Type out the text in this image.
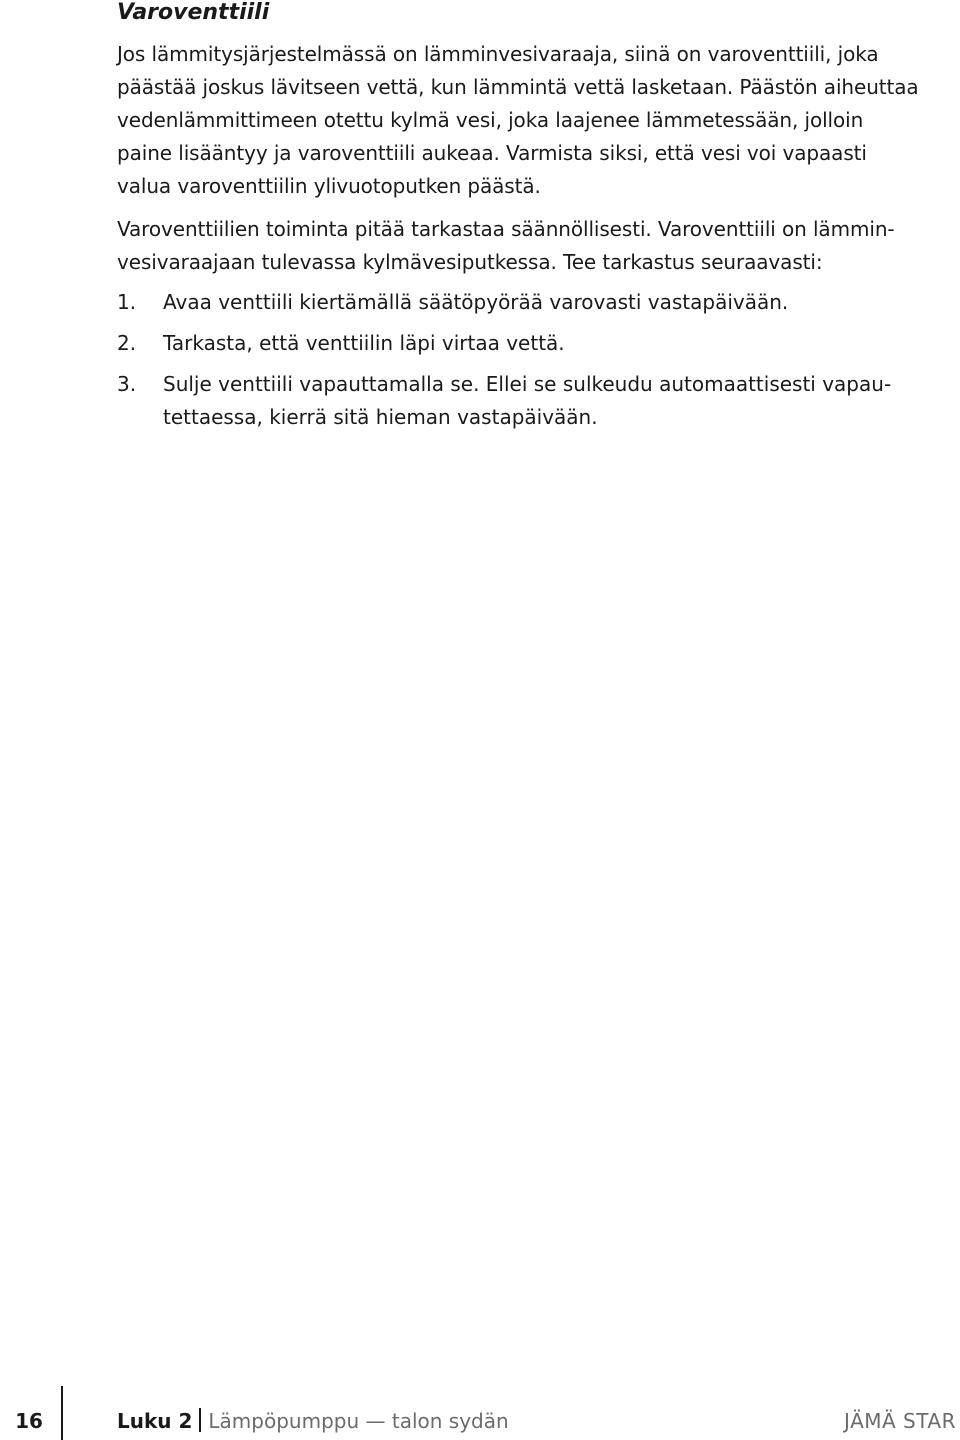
Varoventtiili

Jos lämmitysjärjestelmässä on lämminvesivaraaja, siinä on varoventtiili, joka
päästää joskus lävitseen vettä, kun lämmintä vettä lasketaan. Päästön aiheuttaa
vedenlämmittimeen otettu kylmä vesi, joka laajenee lämmetessään, jolloin
paine lisääntyy ja varoventtiili aukeaa. Varmista siksi, että vesi voi vapaasti
valua varoventtiilin ylivuotoputken päästä.

Varoventtiilien toiminta pitää tarkastaa säännöllisesti. Varoventtiili on lämmin-
vesivaraajaan tulevassa kylmävesiputkessa. Tee tarkastus seuraavasti:

1. Avaa venttiili kiertämällä säätöpyörää varovasti vastapäivään.
2. Tarkasta, että venttiilin läpi virtaa vettä.
3. Sulje venttiili vapauttamalla se. Ellei se sulkeudu automaattisesti vapau-
tettaessa, kierrä sitä hieman vastapäivään.
16	Luku 2 Lämpöpumppu — talon sydän	JÄMÄ STAR
